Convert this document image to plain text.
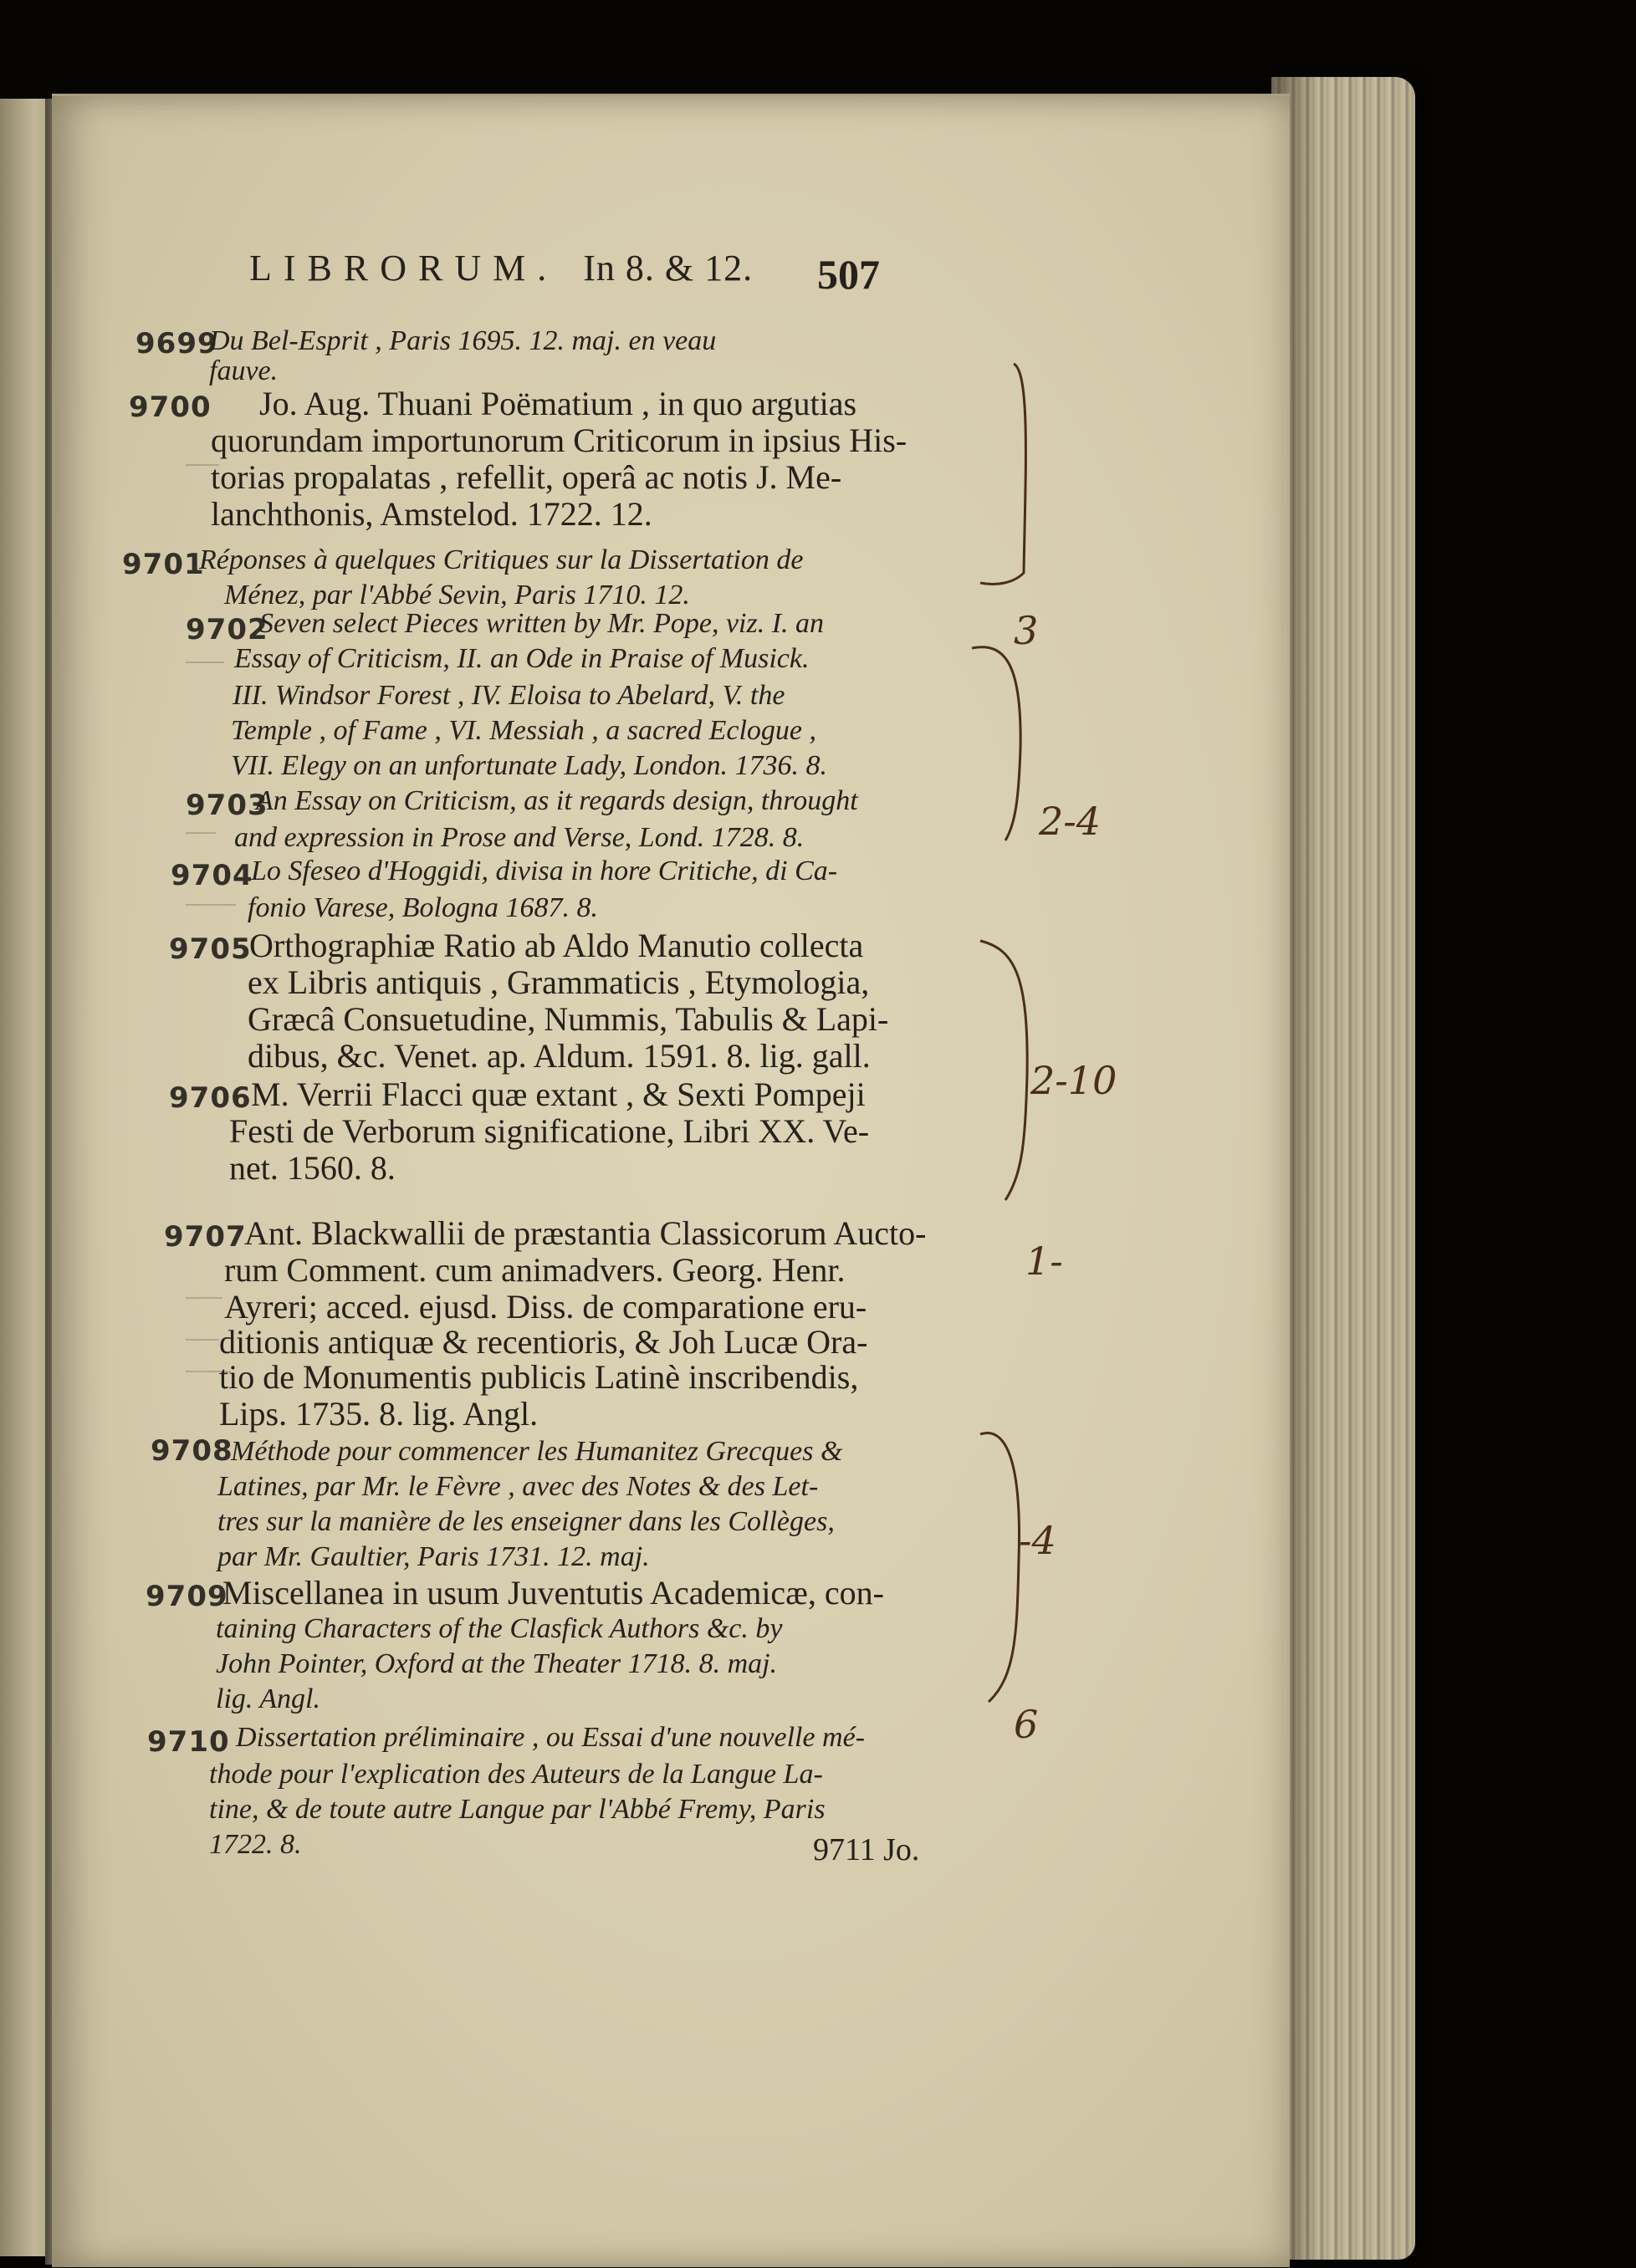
LIBRORUM. In 8. & 12. 507
9699
Du Bel-Esprit , Paris 1695. 12. maj. en veau
fauve.
9700 Jo. Aug. Thuani Poëmatium , in quo argutias
quorundam importunorum Criticorum in ipsius His-
torias propalatas , refellit, operâ ac notis J. Me-
lanchthonis, Amstelod. 1722. 12.
9701
Réponses à quelques Critiques sur la Dissertation de
Ménez, par l'Abbé Sevin, Paris 1710. 12.
9702
Seven select Pieces written by Mr. Pope, viz. I. an
Essay of Criticism, II. an Ode in Praise of Musick.
III. Windsor Forest , IV. Eloisa to Abelard, V. the
Temple , of Fame , VI. Messiah , a sacred Eclogue ,
VII. Elegy on an unfortunate Lady, London. 1736. 8.
9703
An Essay on Criticism, as it regards design, throught
and expression in Prose and Verse, Lond. 1728. 8.
9704
Lo Sfeseo d'Hoggidi, divisa in hore Critiche, di Ca-
fonio Varese, Bologna 1687. 8.
9705
Orthographiæ Ratio ab Aldo Manutio collecta
ex Libris antiquis , Grammaticis , Etymologia,
Græcâ Consuetudine, Nummis, Tabulis & Lapi-
dibus, &c. Venet. ap. Aldum. 1591. 8. lig. gall.
9706 M. Verrii Flacci quæ extant , & Sexti Pompeji
Festi de Verborum significatione, Libri XX. Ve-
net. 1560. 8.
9707
Ant. Blackwallii de præstantia Classicorum Aucto-
rum Comment. cum animadvers. Georg. Henr.
Ayreri; acced. ejusd. Diss. de comparatione eru-
ditionis antiquæ & recentioris, & Joh Lucæ Ora-
tio de Monumentis publicis Latinè inscribendis,
Lips. 1735. 8. lig. Angl.
9708
Méthode pour commencer les Humanitez Grecques &
Latines, par Mr. le Fèvre , avec des Notes & des Let-
tres sur la manière de les enseigner dans les Collèges,
par Mr. Gaultier, Paris 1731. 12. maj.
9709
Miscellanea in usum Juventutis Academicæ, con-
taining Characters of the Clasfick Authors &c. by
John Pointer, Oxford at the Theater 1718. 8. maj.
lig. Angl.
9710 Dissertation préliminaire , ou Essai d'une nouvelle mé-
thode pour l'explication des Auteurs de la Langue La-
tine, & de toute autre Langue par l'Abbé Fremy, Paris
1722. 8.	9711 Jo.
3
2-4
2-10
1-
-4
6
